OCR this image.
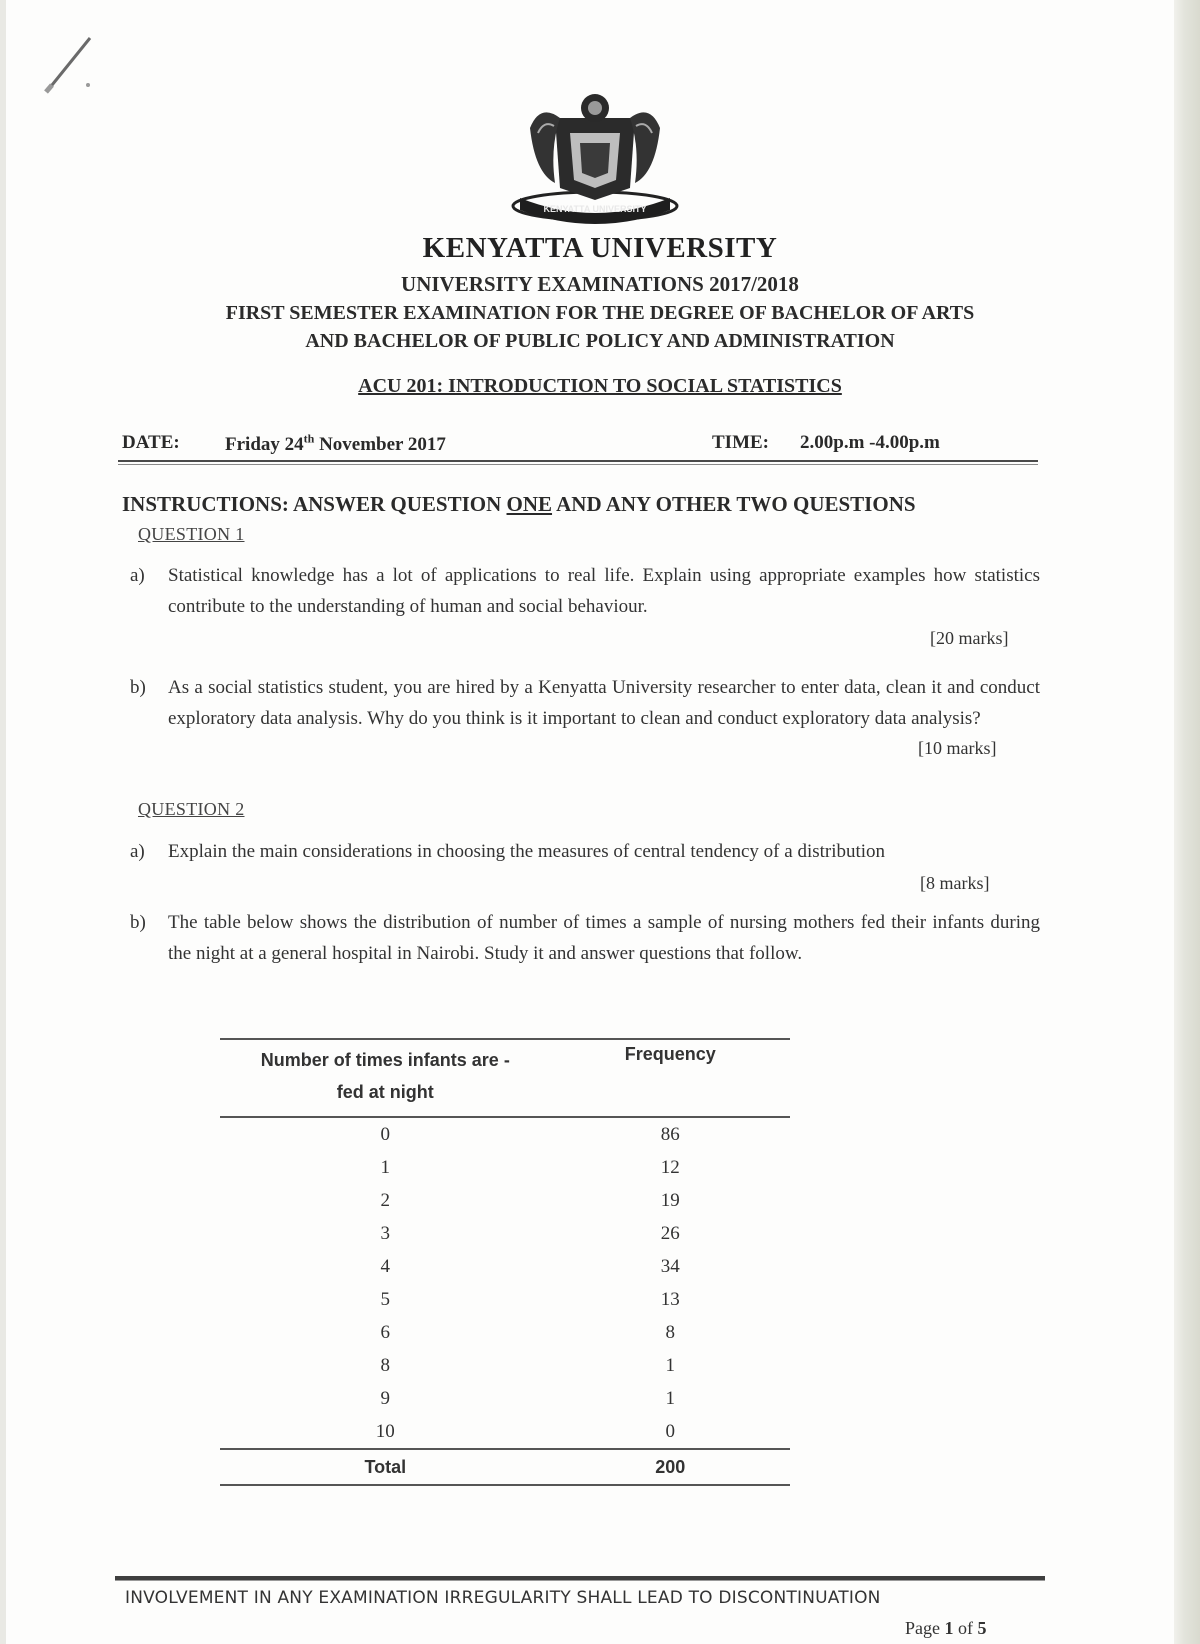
KENYATTA UNIVERSITY
KENYATTA UNIVERSITY
UNIVERSITY EXAMINATIONS 2017/2018
FIRST SEMESTER EXAMINATION FOR THE DEGREE OF BACHELOR OF ARTS
AND BACHELOR OF PUBLIC POLICY AND ADMINISTRATION
ACU 201: INTRODUCTION TO SOCIAL STATISTICS
DATE: Friday 24th November 2017	TIME: 2.00p.m -4.00p.m
INSTRUCTIONS: ANSWER QUESTION ONE AND ANY OTHER TWO QUESTIONS
QUESTION 1
a) Statistical knowledge has a lot of applications to real life. Explain using appropriate examples how statistics contribute to the understanding of human and social behaviour.
[20 marks]
b) As a social statistics student, you are hired by a Kenyatta University researcher to enter data, clean it and conduct exploratory data analysis. Why do you think is it important to clean and conduct exploratory data analysis?
[10 marks]
QUESTION 2
a) Explain the main considerations in choosing the measures of central tendency of a distribution
[8 marks]
b) The table below shows the distribution of number of times a sample of nursing mothers fed their infants during the night at a general hospital in Nairobi. Study it and answer questions that follow.
Number of times infants are -
fed at night	Frequency
0	86
1	12
2	19
3	26
4	34
5	13
6	8
8	1
9	1
10	0
Total	200
INVOLVEMENT IN ANY EXAMINATION IRREGULARITY SHALL LEAD TO DISCONTINUATION
Page 1 of 5
